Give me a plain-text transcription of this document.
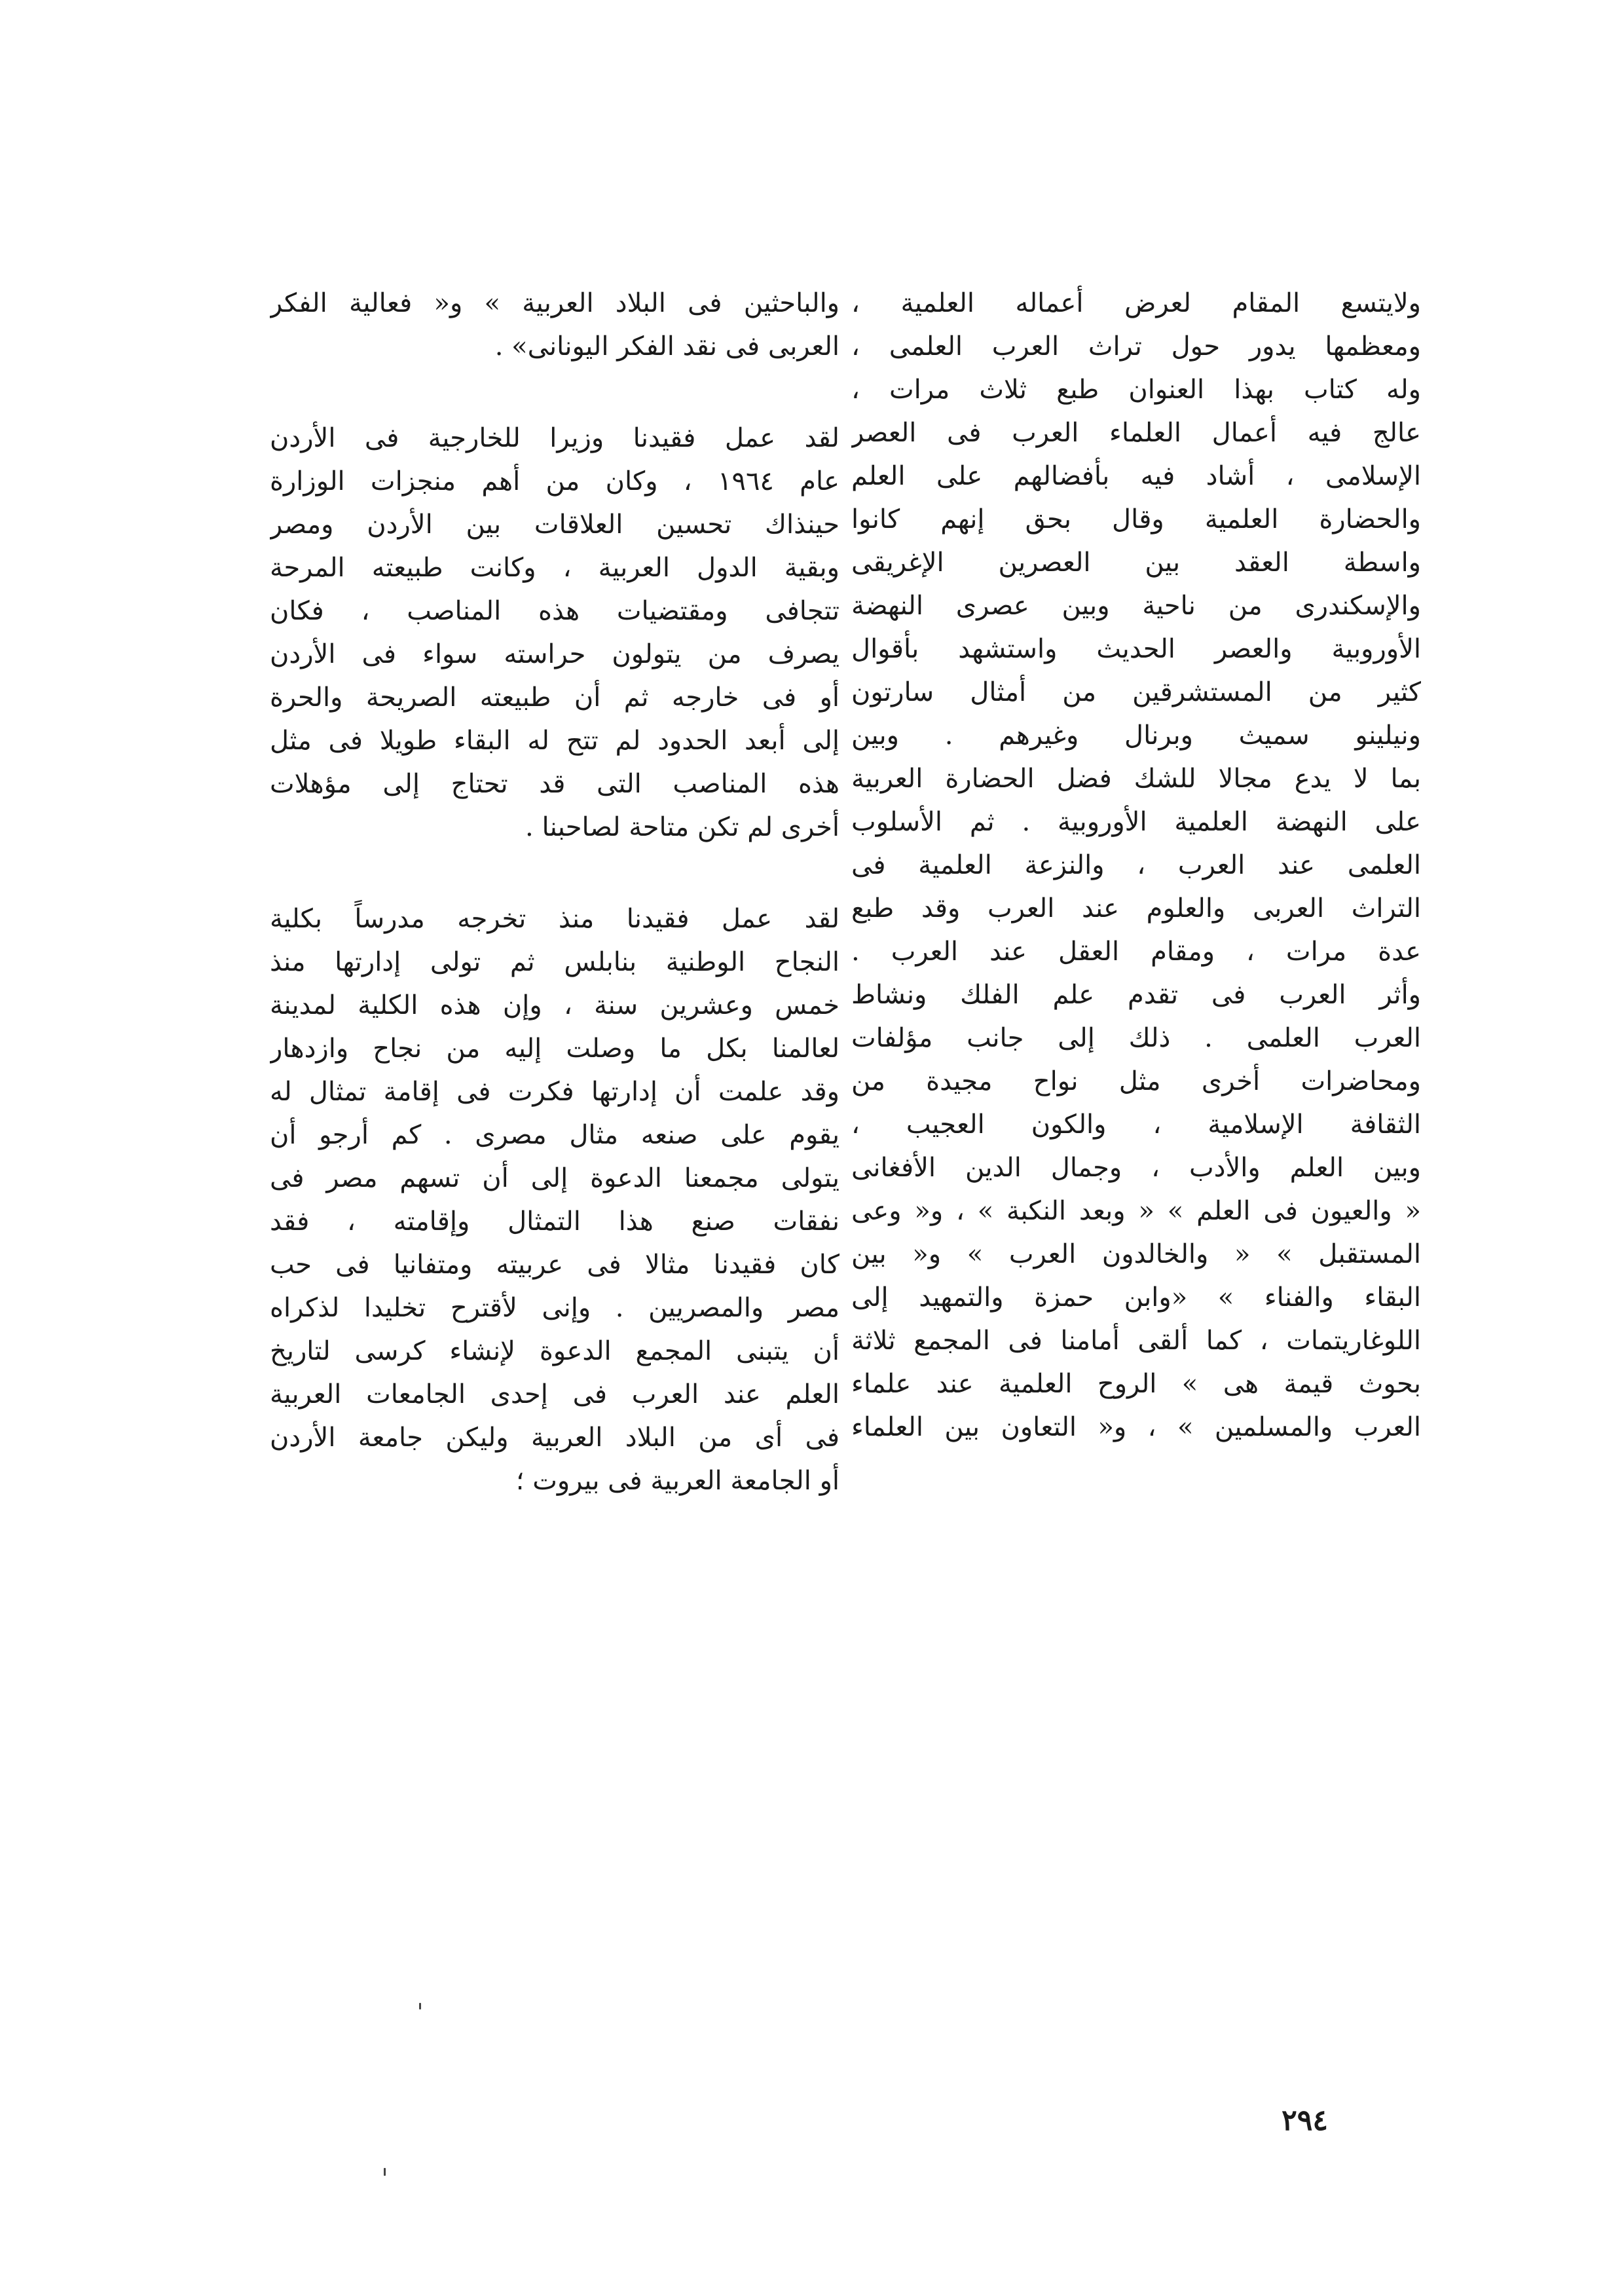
ولايتسع المقام لعرض أعماله العلمية ،
ومعظمها يدور حول تراث العرب العلمى ،
وله كتاب بهذا العنوان طبع ثلاث مرات ،
عالج فيه أعمال العلماء العرب فى العصر
الإسلامى ، أشاد فيه بأفضالهم على العلم
والحضارة العلمية وقال بحق إنهم كانوا
واسطة العقد بين العصرين الإغريقى
والإسكندرى من ناحية وبين عصرى النهضة
الأوروبية والعصر الحديث واستشهد بأقوال
كثير من المستشرقين من أمثال سارتون
ونيلينو سميث وبرنال وغيرهم . وبين
بما لا يدع مجالا للشك فضل الحضارة العربية
على النهضة العلمية الأوروبية . ثم الأسلوب
العلمى عند العرب ، والنزعة العلمية فى
التراث العربى والعلوم عند العرب وقد طبع
عدة مرات ، ومقام العقل عند العرب .
وأثر العرب فى تقدم علم الفلك ونشاط
العرب العلمى . ذلك إلى جانب مؤلفات
ومحاضرات أخرى مثل نواح مجيدة من
الثقافة الإسلامية ، والكون العجيب ،
وبين العلم والأدب ، وجمال الدين الأفغانى
« والعيون فى العلم » « وبعد النكبة » ، و« وعى
المستقبل » « والخالدون العرب » و« بين
البقاء والفناء » «وابن حمزة والتمهيد إلى
اللوغاريتمات ، كما ألقى أمامنا فى المجمع ثلاثة
بحوث قيمة هى » الروح العلمية عند علماء
العرب والمسلمين » ، و« التعاون بين العلماء
والباحثين فى البلاد العربية » و« فعالية الفكر
العربى فى نقد الفكر اليونانى» .
لقد عمل فقيدنا وزيرا للخارجية فى الأردن
عام ١٩٦٤ ، وكان من أهم منجزات الوزارة
حينذاك تحسين العلاقات بين الأردن ومصر
وبقية الدول العربية ، وكانت طبيعته المرحة
تتجافى ومقتضيات هذه المناصب ، فكان
يصرف من يتولون حراسته سواء فى الأردن
أو فى خارجه ثم أن طبيعته الصريحة والحرة
إلى أبعد الحدود لم تتح له البقاء طويلا فى مثل
هذه المناصب التى قد تحتاج إلى مؤهلات
أخرى لم تكن متاحة لصاحبنا .
لقد عمل فقيدنا منذ تخرجه مدرساً بكلية
النجاح الوطنية بنابلس ثم تولى إدارتها منذ
خمس وعشرين سنة ، وإن هذه الكلية لمدينة
لعالمنا بكل ما وصلت إليه من نجاح وازدهار
وقد علمت أن إدارتها فكرت فى إقامة تمثال له
يقوم على صنعه مثال مصرى . كم أرجو أن
يتولى مجمعنا الدعوة إلى أن تسهم مصر فى
نفقات صنع هذا التمثال وإقامته ، فقد
كان فقيدنا مثالا فى عربيته ومتفانيا فى حب
مصر والمصريين . وإنى لأقترح تخليدا لذكراه
أن يتبنى المجمع الدعوة لإنشاء كرسى لتاريخ
العلم عند العرب فى إحدى الجامعات العربية
فى أى من البلاد العربية وليكن جامعة الأردن
أو الجامعة العربية فى بيروت ؛
٢٩٤
